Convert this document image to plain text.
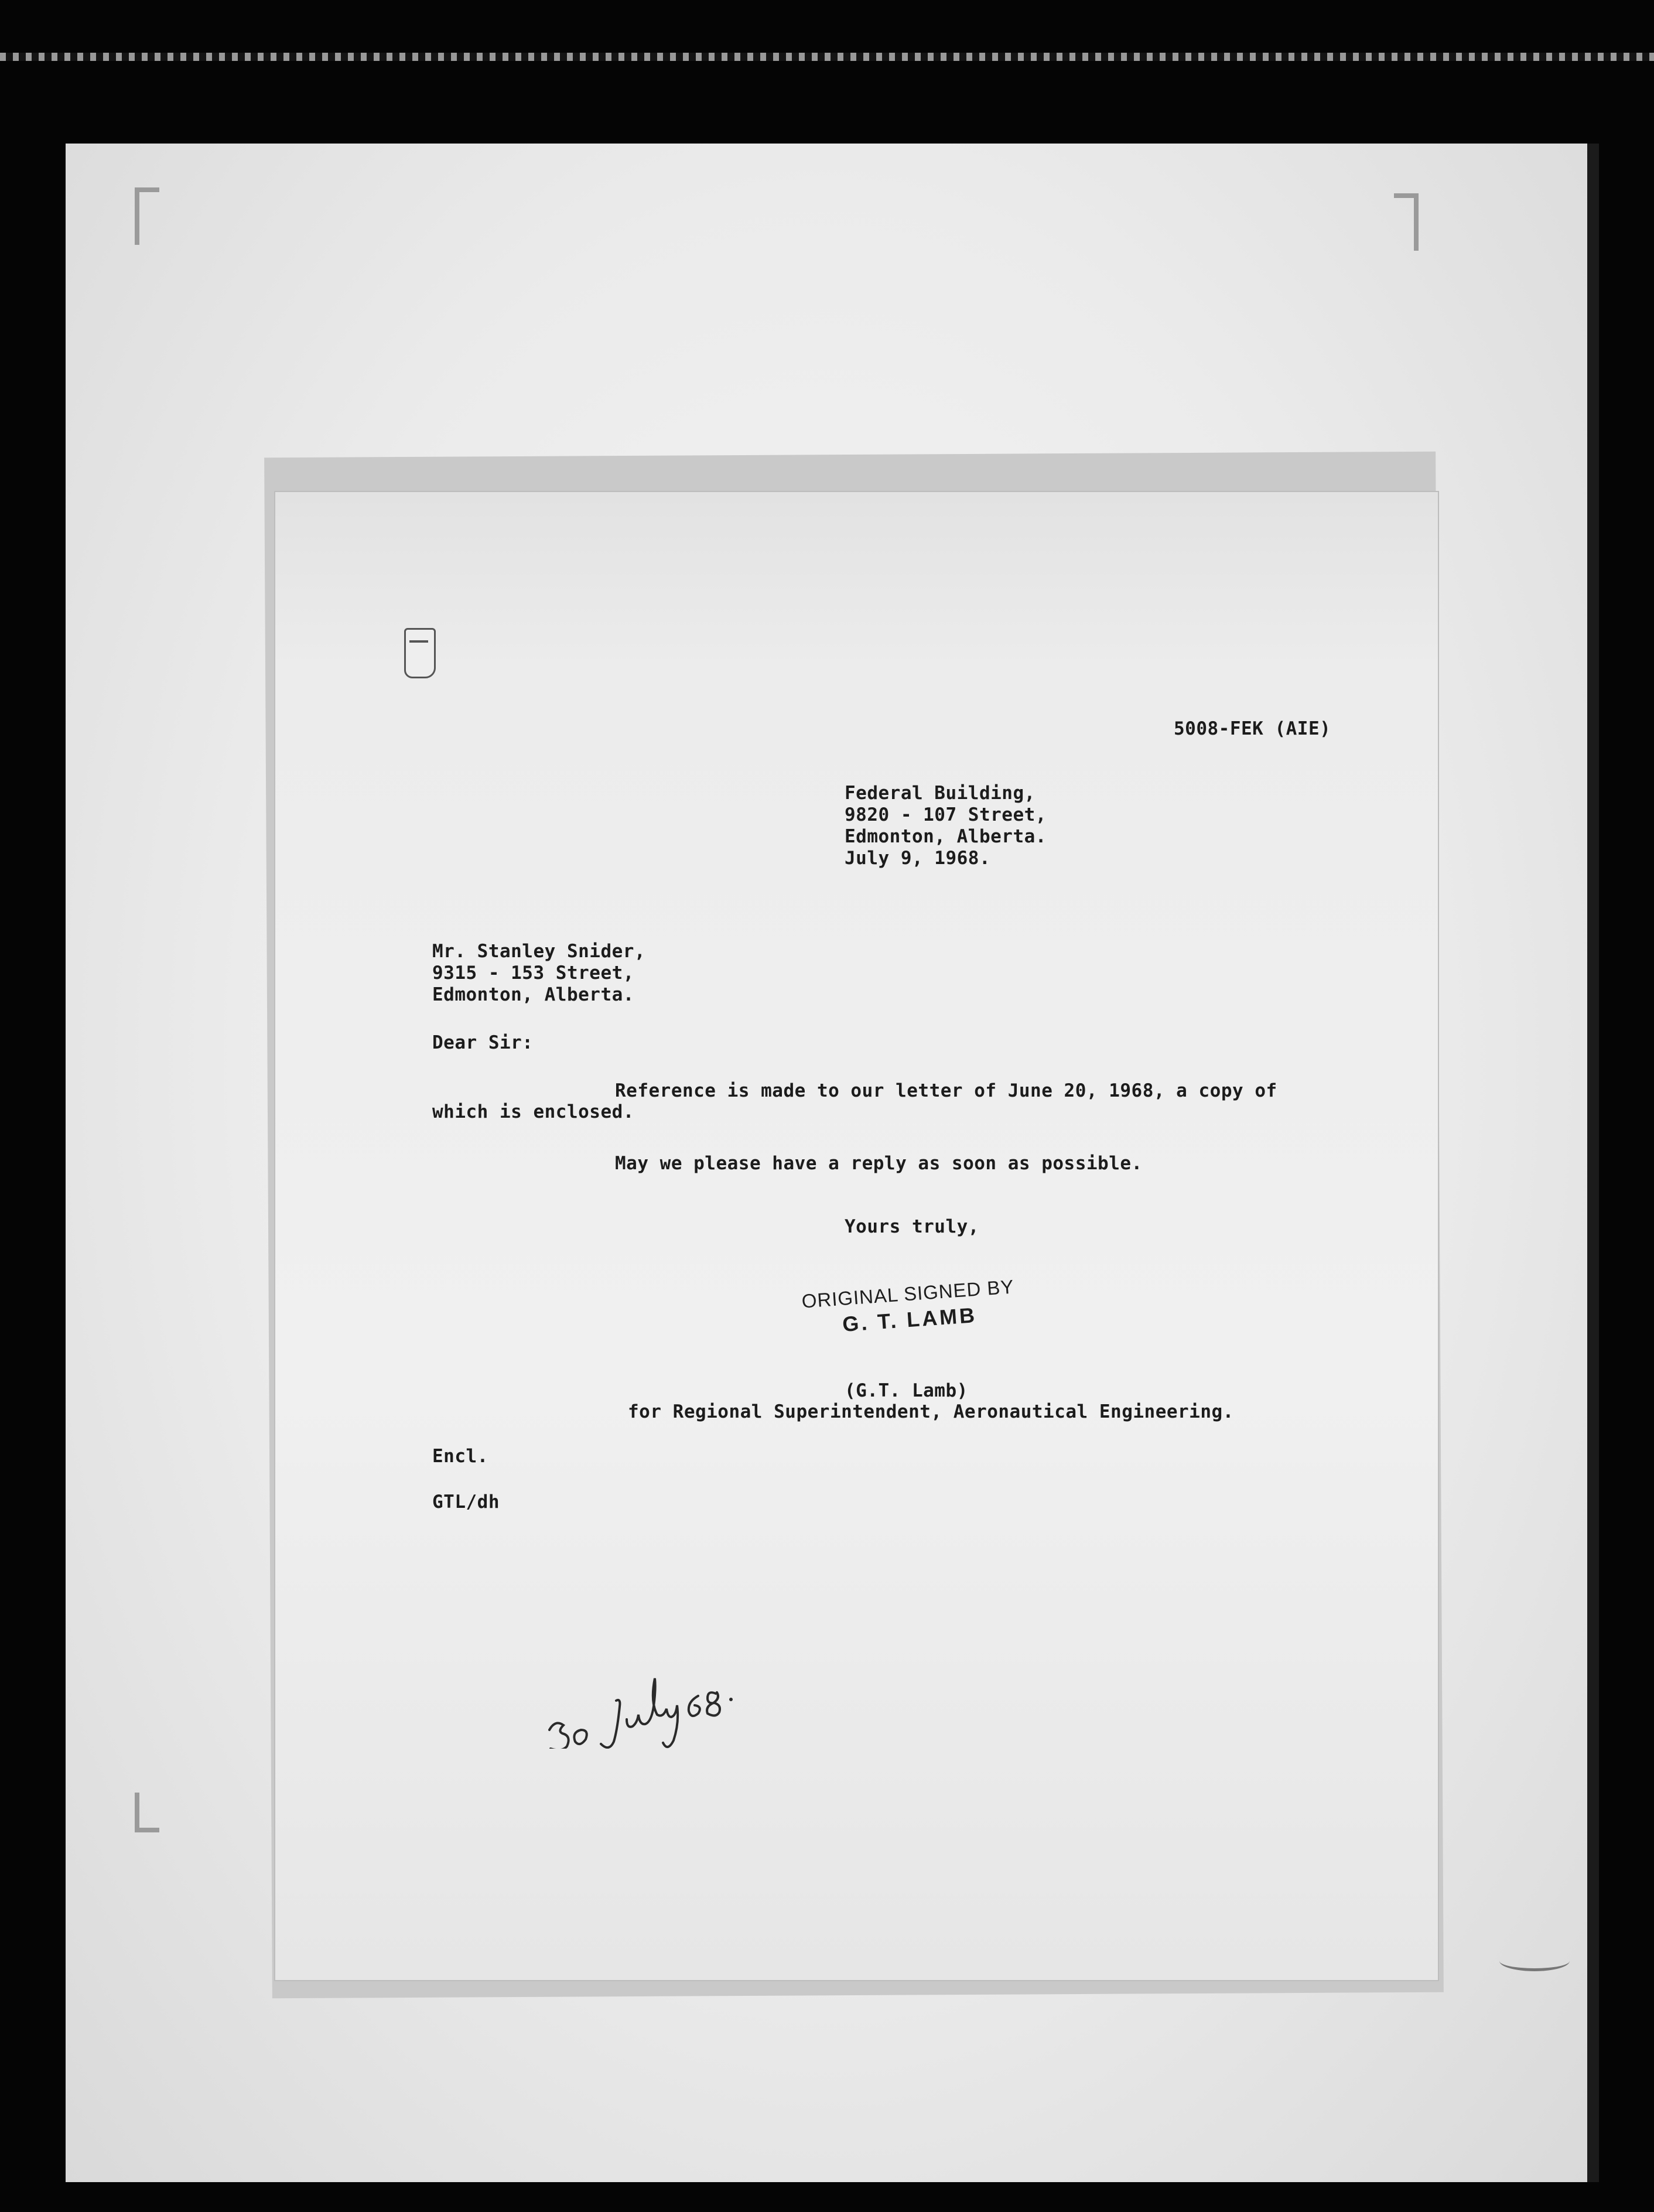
5008-FEK (AIE)
Federal Building,
9820 - 107 Street,
Edmonton, Alberta.
July 9, 1968.
Mr. Stanley Snider,
9315 - 153 Street,
Edmonton, Alberta.
Dear Sir:
Reference is made to our letter of June 20, 1968, a copy of
which is enclosed.
May we please have a reply as soon as possible.
Yours truly,
ORIGINAL SIGNED BY
G. T. LAMB
(G.T. Lamb)
for Regional Superintendent, Aeronautical Engineering.
Encl.
GTL/dh
